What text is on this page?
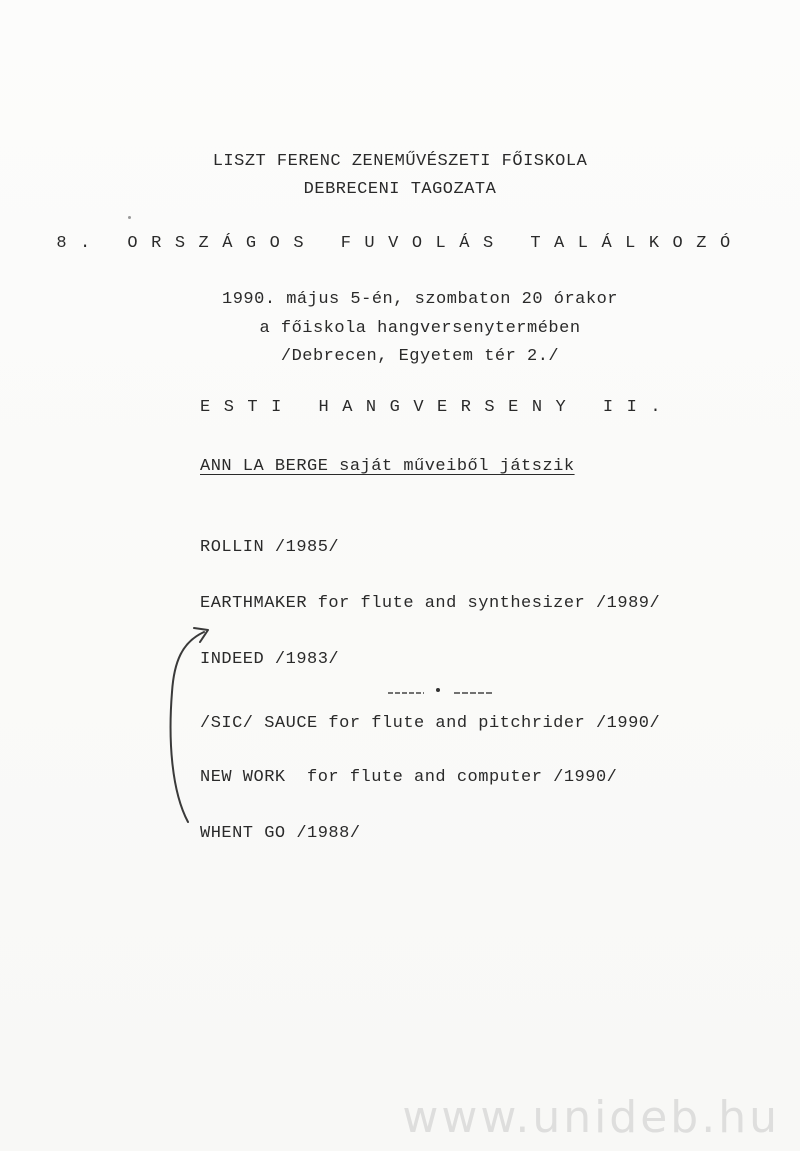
LISZT FERENC ZENEMŰVÉSZETI FŐISKOLA
DEBRECENI TAGOZATA
8. ORSZÁGOS FUVOLÁS TALÁLKOZÓ
1990. május 5-én, szombaton 20 órakor
a főiskola hangversenytermében
/Debrecen, Egyetem tér 2./
ESTI HANGVERSENY II.
ANN LA BERGE saját műveiből játszik
ROLLIN /1985/
EARTHMAKER for flute and synthesizer /1989/
INDEED /1983/
/SIC/ SAUCE for flute and pitchrider /1990/
NEW WORK  for flute and computer /1990/
WHENT GO /1988/
www.unideb.hu
